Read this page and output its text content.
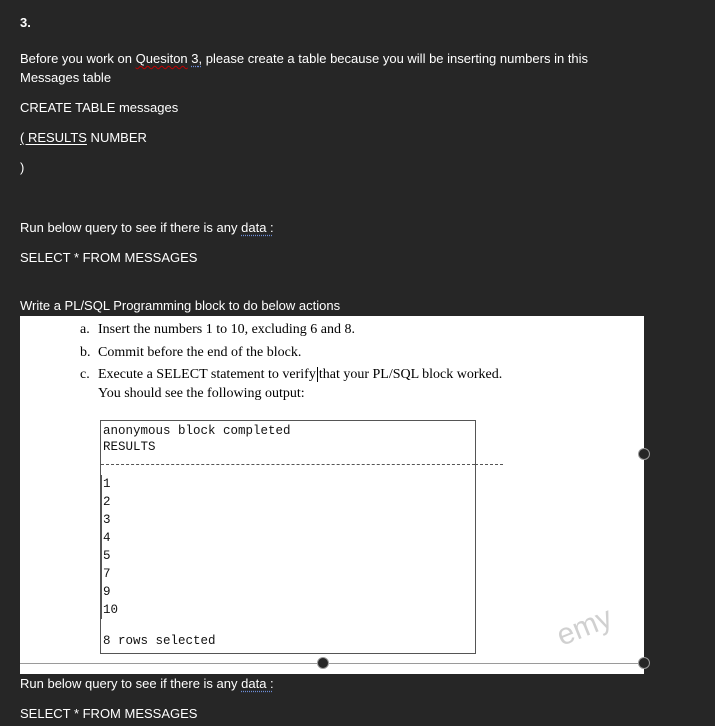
3.
Before you work on Quesiton 3, please create a table because you will be inserting numbers in this
Messages table
CREATE TABLE messages
( RESULTS NUMBER
)
Run below query to see if there is any data :
SELECT * FROM MESSAGES
Write a PL/SQL Programming block to do below actions
a. Insert the numbers 1 to 10, excluding 6 and 8.
b. Commit before the end of the block.
c. Execute a SELECT statement to verify that your PL/SQL block worked.
You should see the following output:
anonymous block completed
RESULTS
1
2
3
4
5
7
9
10
8 rows selected	emy
Run below query to see if there is any data :
SELECT * FROM MESSAGES
